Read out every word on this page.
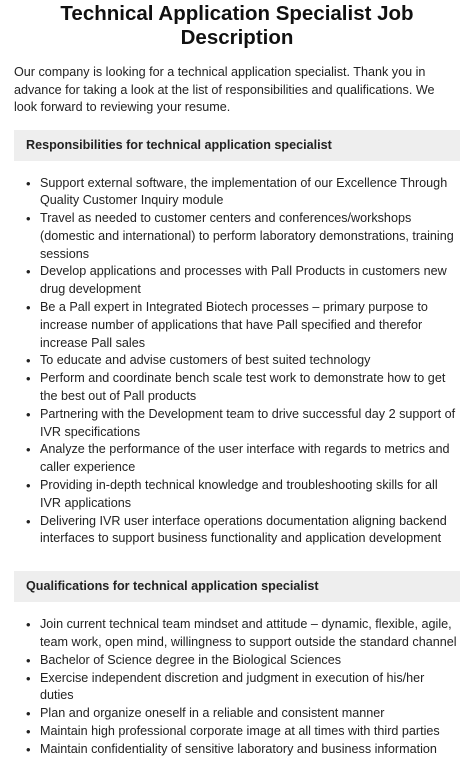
Technical Application Specialist Job Description

Our company is looking for a technical application specialist. Thank you in advance for taking a look at the list of responsibilities and qualifications. We look forward to reviewing your resume.

Responsibilities for technical application specialist
• Support external software, the implementation of our Excellence Through Quality Customer Inquiry module
• Travel as needed to customer centers and conferences/workshops (domestic and international) to perform laboratory demonstrations, training sessions
• Develop applications and processes with Pall Products in customers new drug development
• Be a Pall expert in Integrated Biotech processes – primary purpose to increase number of applications that have Pall specified and therefor increase Pall sales
• To educate and advise customers of best suited technology
• Perform and coordinate bench scale test work to demonstrate how to get the best out of Pall products
• Partnering with the Development team to drive successful day 2 support of IVR specifications
• Analyze the performance of the user interface with regards to metrics and caller experience
• Providing in-depth technical knowledge and troubleshooting skills for all IVR applications
• Delivering IVR user interface operations documentation aligning backend interfaces to support business functionality and application development
Qualifications for technical application specialist
• Join current technical team mindset and attitude – dynamic, flexible, agile, team work, open mind, willingness to support outside the standard channel
• Bachelor of Science degree in the Biological Sciences
• Exercise independent discretion and judgment in execution of his/her duties
• Plan and organize oneself in a reliable and consistent manner
• Maintain high professional corporate image at all times with third parties
• Maintain confidentiality of sensitive laboratory and business information
